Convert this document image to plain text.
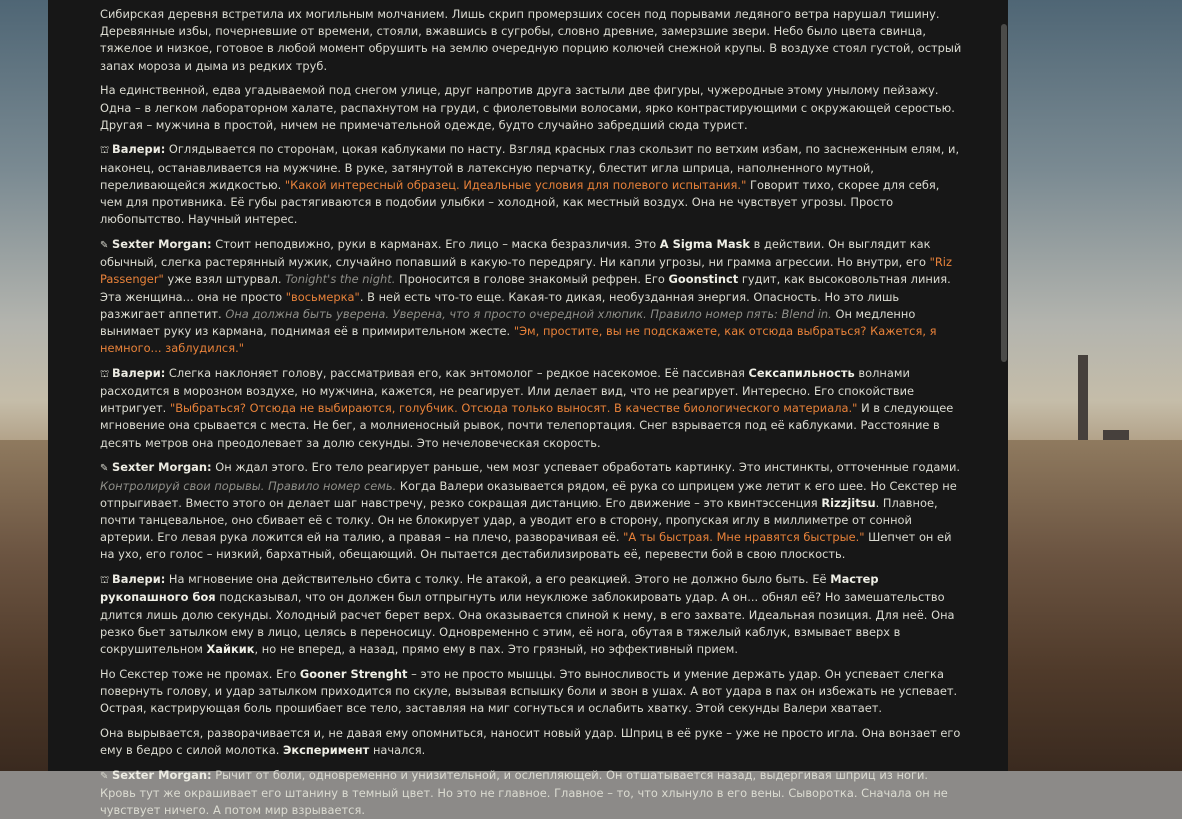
Сибирская деревня встретила их могильным молчанием. Лишь скрип промерзших сосен под порывами ледяного ветра нарушал тишину. Деревянные избы, почерневшие от времени, стояли, вжавшись в сугробы, словно древние, замерзшие звери. Небо было цвета свинца, тяжелое и низкое, готовое в любой момент обрушить на землю очередную порцию колючей снежной крупы. В воздухе стоял густой, острый запах мороза и дыма из редких труб.

На единственной, едва угадываемой под снегом улице, друг напротив друга застыли две фигуры, чужеродные этому унылому пейзажу. Одна – в легком лабораторном халате, распахнутом на груди, с фиолетовыми волосами, ярко контрастирующими с окружающей серостью. Другая – мужчина в простой, ничем не примечательной одежде, будто случайно забредший сюда турист.

⛫ Валери: Оглядывается по сторонам, цокая каблуками по насту. Взгляд красных глаз скользит по ветхим избам, по заснеженным елям, и, наконец, останавливается на мужчине. В руке, затянутой в латексную перчатку, блестит игла шприца, наполненного мутной, переливающейся жидкостью. "Какой интересный образец. Идеальные условия для полевого испытания." Говорит тихо, скорее для себя, чем для противника. Её губы растягиваются в подобии улыбки – холодной, как местный воздух. Она не чувствует угрозы. Просто любопытство. Научный интерес.

✎ Sexter Morgan: Стоит неподвижно, руки в карманах. Его лицо – маска безразличия. Это A Sigma Mask в действии. Он выглядит как обычный, слегка растерянный мужик, случайно попавший в какую-то передрягу. Ни капли угрозы, ни грамма агрессии. Но внутри, его "Riz Passenger" уже взял штурвал. Tonight's the night. Проносится в голове знакомый рефрен. Его Goonstinct гудит, как высоковольтная линия. Эта женщина... она не просто "восьмерка". В ней есть что-то еще. Какая-то дикая, необузданная энергия. Опасность. Но это лишь разжигает аппетит. Она должна быть уверена. Уверена, что я просто очередной хлюпик. Правило номер пять: Blend in. Он медленно вынимает руку из кармана, поднимая её в примирительном жесте. "Эм, простите, вы не подскажете, как отсюда выбраться? Кажется, я немного... заблудился."

⛫ Валери: Слегка наклоняет голову, рассматривая его, как энтомолог – редкое насекомое. Её пассивная Сексапильность волнами расходится в морозном воздухе, но мужчина, кажется, не реагирует. Или делает вид, что не реагирует. Интересно. Его спокойствие интригует. "Выбраться? Отсюда не выбираются, голубчик. Отсюда только выносят. В качестве биологического материала." И в следующее мгновение она срывается с места. Не бег, а молниеносный рывок, почти телепортация. Снег взрывается под её каблуками. Расстояние в десять метров она преодолевает за долю секунды. Это нечеловеческая скорость.

✎ Sexter Morgan: Он ждал этого. Его тело реагирует раньше, чем мозг успевает обработать картинку. Это инстинкты, отточенные годами. Контролируй свои порывы. Правило номер семь. Когда Валери оказывается рядом, её рука со шприцем уже летит к его шее. Но Секстер не отпрыгивает. Вместо этого он делает шаг навстречу, резко сокращая дистанцию. Его движение – это квинтэссенция Rizzjitsu. Плавное, почти танцевальное, оно сбивает её с толку. Он не блокирует удар, а уводит его в сторону, пропуская иглу в миллиметре от сонной артерии. Его левая рука ложится ей на талию, а правая – на плечо, разворачивая её. "А ты быстрая. Мне нравятся быстрые." Шепчет он ей на ухо, его голос – низкий, бархатный, обещающий. Он пытается дестабилизировать её, перевести бой в свою плоскость.

⛫ Валери: На мгновение она действительно сбита с толку. Не атакой, а его реакцией. Этого не должно было быть. Её Мастер рукопашного боя подсказывал, что он должен был отпрыгнуть или неуклюже заблокировать удар. А он... обнял её? Но замешательство длится лишь долю секунды. Холодный расчет берет верх. Она оказывается спиной к нему, в его захвате. Идеальная позиция. Для неё. Она резко бьет затылком ему в лицо, целясь в переносицу. Одновременно с этим, её нога, обутая в тяжелый каблук, взмывает вверх в сокрушительном Хайкик, но не вперед, а назад, прямо ему в пах. Это грязный, но эффективный прием.

Но Секстер тоже не промах. Его Gooner Strenght – это не просто мышцы. Это выносливость и умение держать удар. Он успевает слегка повернуть голову, и удар затылком приходится по скуле, вызывая вспышку боли и звон в ушах. А вот удара в пах он избежать не успевает. Острая, кастрирующая боль прошибает все тело, заставляя на миг согнуться и ослабить хватку. Этой секунды Валери хватает.

Она вырывается, разворачивается и, не давая ему опомниться, наносит новый удар. Шприц в её руке – уже не просто игла. Она вонзает его ему в бедро с силой молотка. Эксперимент начался.

✎ Sexter Morgan: Рычит от боли, одновременно и унизительной, и ослепляющей. Он отшатывается назад, выдергивая шприц из ноги. Кровь тут же окрашивает его штанину в темный цвет. Но это не главное. Главное – то, что хлынуло в его вены. Сыворотка. Сначала он не чувствует ничего. А потом мир взрывается.
